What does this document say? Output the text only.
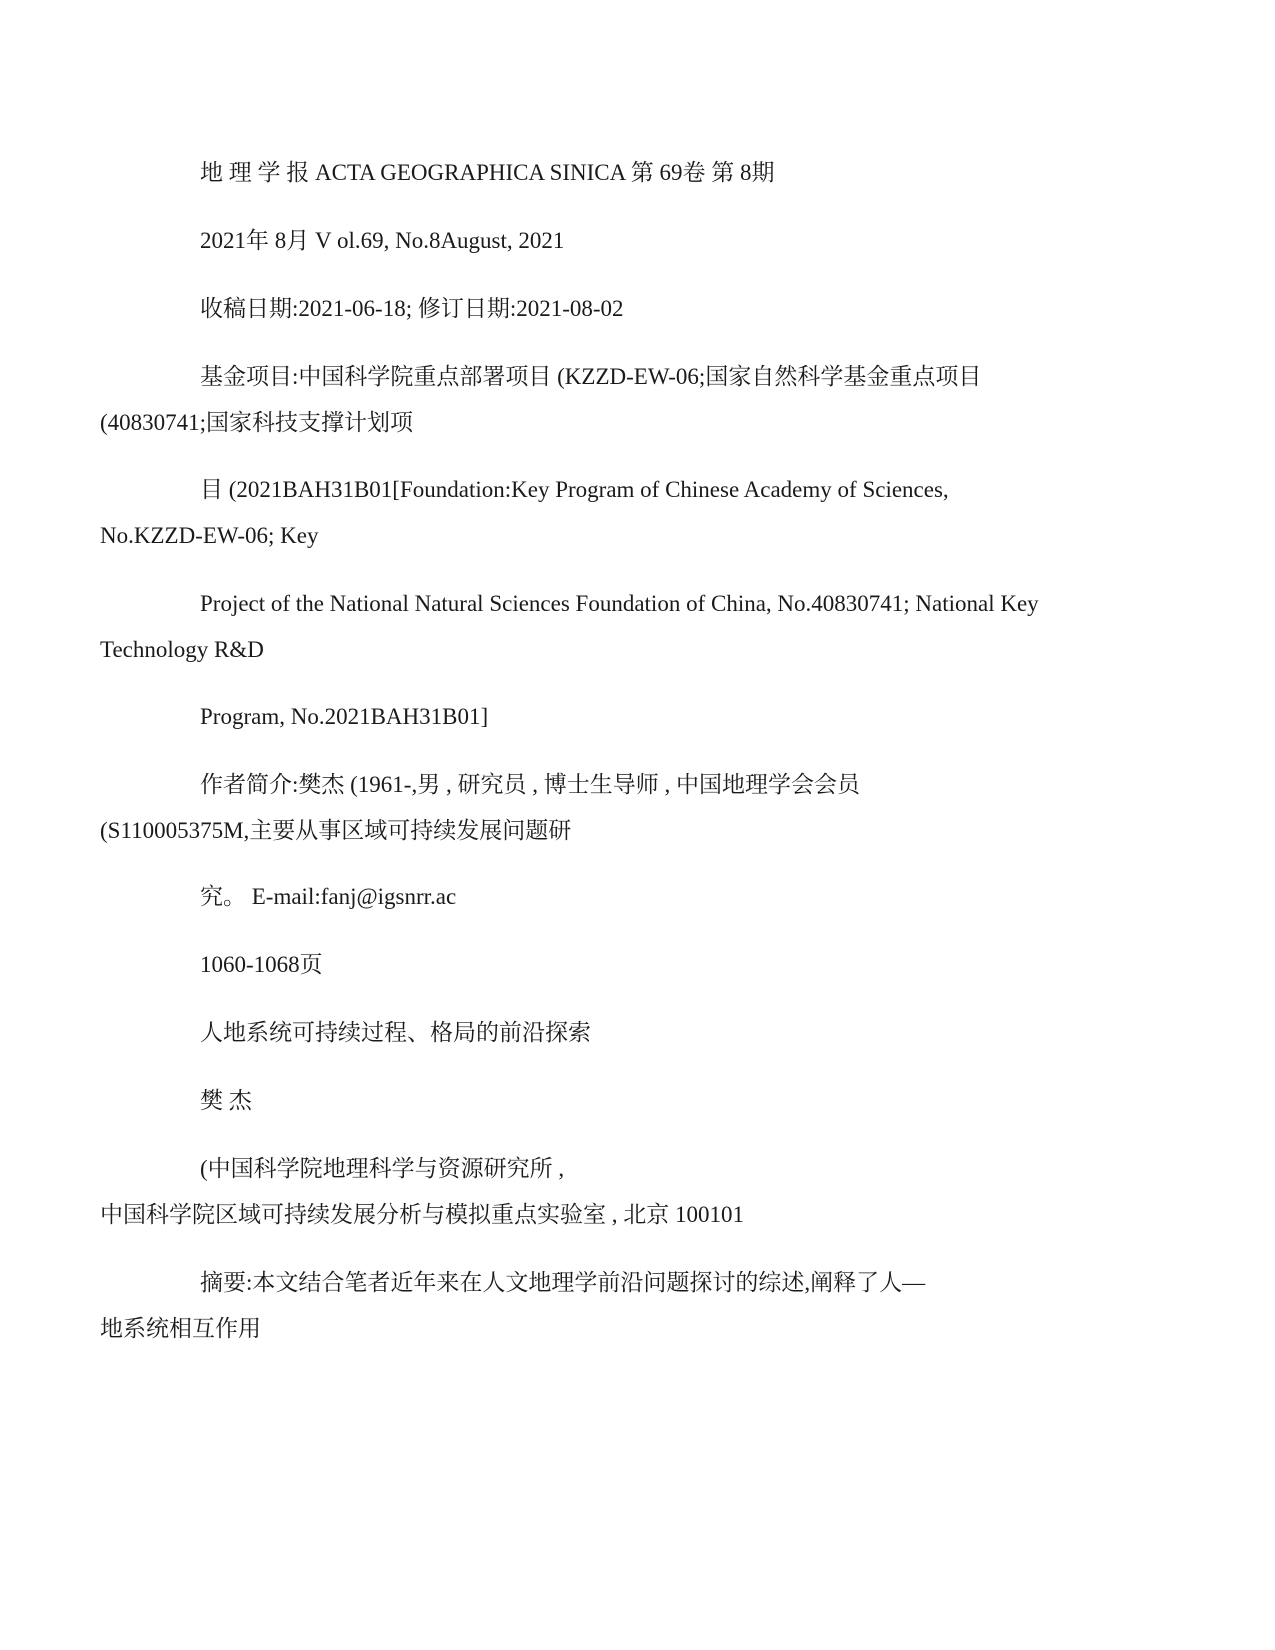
地 理 学 报 ACTA GEOGRAPHICA SINICA 第 69卷 第 8期

2021年 8月 V ol.69, No.8August, 2021

收稿日期:2021-06-18; 修订日期:2021-08-02

基金项目:中国科学院重点部署项目 (KZZD-EW-06;国家自然科学基金重点项目
(40830741;国家科技支撑计划项

目 (2021BAH31B01[Foundation:Key Program of Chinese Academy of Sciences,
No.KZZD-EW-06; Key

Project of the National Natural Sciences Foundation of China, No.40830741; National Key
Technology R&D

Program, No.2021BAH31B01]

作者简介:樊杰 (1961-,男 , 研究员 , 博士生导师 , 中国地理学会会员
(S110005375M,主要从事区域可持续发展问题研

究。 E-mail:fanj@igsnrr.ac

1060-1068页

人地系统可持续过程、格局的前沿探索

樊 杰

(中国科学院地理科学与资源研究所 ,
中国科学院区域可持续发展分析与模拟重点实验室 , 北京 100101

摘要:本文结合笔者近年来在人文地理学前沿问题探讨的综述,阐释了人—
地系统相互作用
